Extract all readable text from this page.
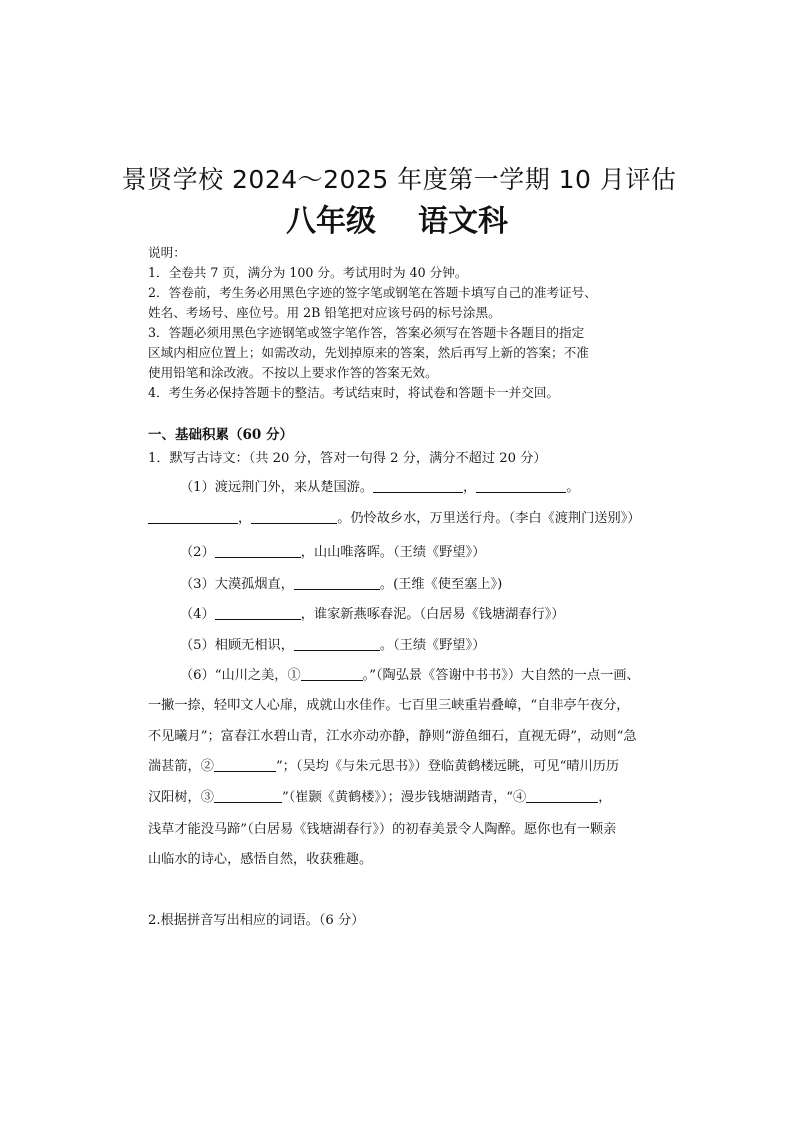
景贤学校 2024～2025 年度第一学期 10 月评估
八年级 语文科

说明：

1．全卷共 7 页，满分为 100 分。考试用时为 40 分钟。

2．答卷前，考生务必用黑色字迹的签字笔或钢笔在答题卡填写自己的准考证号、

姓名、考场号、座位号。用 2B 铅笔把对应该号码的标号涂黑。

3．答题必须用黑色字迹钢笔或签字笔作答，答案必须写在答题卡各题目的指定

区域内相应位置上；如需改动，先划掉原来的答案，然后再写上新的答案；不准

使用铅笔和涂改液。不按以上要求作答的答案无效。

4．考生务必保持答题卡的整洁。考试结束时，将试卷和答题卡一并交回。

一、基础积累（60 分）
1．默写古诗文：（共 20 分，答对一句得 2 分，满分不超过 20 分）
（1）渡远荆门外，来从楚国游。	，	。
，	。仍怜故乡水，万里送行舟。（李白《渡荆门送别》）
（2）	，山山唯落晖。（王绩《野望》）
（3）大漠孤烟直，	。(王维《使至塞上》)
（4）	，谁家新燕啄春泥。（白居易《钱塘湖春行》）
（5）相顾无相识，	。（王绩《野望》）
（6）“山川之美，①	。”（陶弘景《答谢中书书》）大自然的一点一画、
一撇一捺，轻叩文人心扉，成就山水佳作。七百里三峡重岩叠嶂，“自非亭午夜分，
不见曦月”；富春江水碧山青，江水亦动亦静，静则“游鱼细石，直视无碍”，动则“急
湍甚箭，②	”；（吴均《与朱元思书》）登临黄鹤楼远眺，可见“晴川历历
汉阳树，③	”（崔颢《黄鹤楼》）；漫步钱塘湖踏青，“④	，
浅草才能没马蹄”（白居易《钱塘湖春行》）的初春美景令人陶醉。愿你也有一颗亲
山临水的诗心，感悟自然，收获雅趣。
2.根据拼音写出相应的词语。（6 分）
